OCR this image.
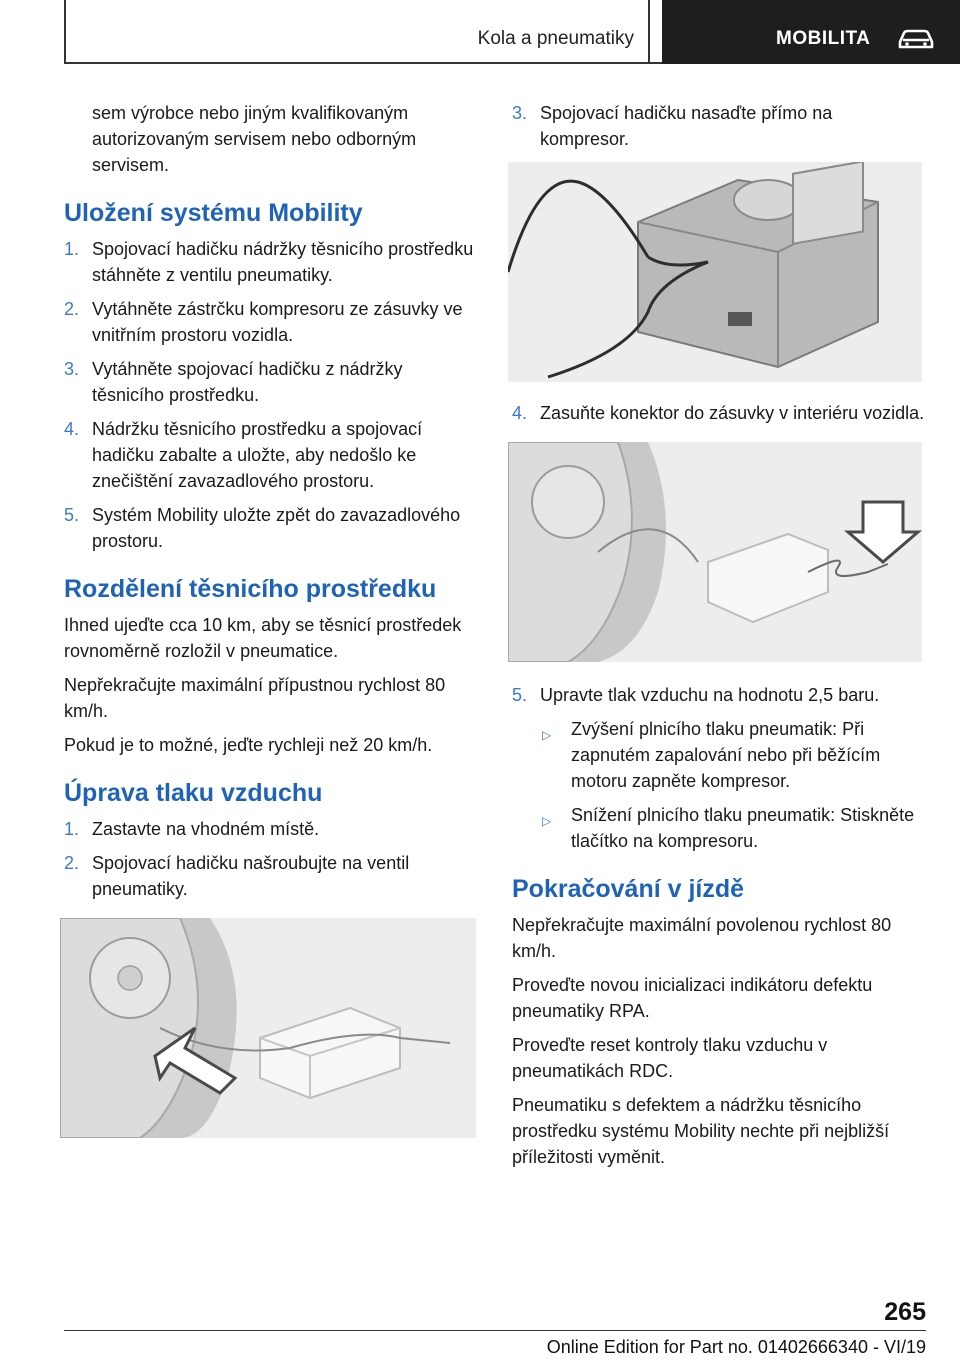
Kola a pneumatiky	MOBILITA

sem výrobce nebo jiným kvalifikovaným autorizovaným servisem nebo odborným servisem.

Uložení systému Mobility
1. Spojovací hadičku nádržky těsnicího prostředku stáhněte z ventilu pneumatiky.
2. Vytáhněte zástrčku kompresoru ze zásuvky ve vnitřním prostoru vozidla.
3. Vytáhněte spojovací hadičku z nádržky těsnicího prostředku.
4. Nádržku těsnicího prostředku a spojovací hadičku zabalte a uložte, aby nedošlo ke znečištění zavazadlového prostoru.
5. Systém Mobility uložte zpět do zavazadlového prostoru.
Rozdělení těsnicího prostředku

Ihned ujeďte cca 10 km, aby se těsnicí prostředek rovnoměrně rozložil v pneumatice.

Nepřekračujte maximální přípustnou rychlost 80 km/h.

Pokud je to možné, jeďte rychleji než 20 km/h.

Úprava tlaku vzduchu
1. Zastavte na vhodném místě.
2. Spojovací hadičku našroubujte na ventil pneumatiky.
3. Spojovací hadičku nasaďte přímo na kompresor.
4. Zasuňte konektor do zásuvky v interiéru vozidla.
5. Upravte tlak vzduchu na hodnotu 2,5 baru.
▷ Zvýšení plnicího tlaku pneumatik: Při zapnutém zapalování nebo při běžícím motoru zapněte kompresor.
▷ Snížení plnicího tlaku pneumatik: Stiskněte tlačítko na kompresoru.
Pokračování v jízdě

Nepřekračujte maximální povolenou rychlost 80 km/h.

Proveďte novou inicializaci indikátoru defektu pneumatiky RPA.

Proveďte reset kontroly tlaku vzduchu v pneumatikách RDC.

Pneumatiku s defektem a nádržku těsnicího prostředku systému Mobility nechte při nejbližší příležitosti vyměnit.

265
Online Edition for Part no. 01402666340 - VI/19
